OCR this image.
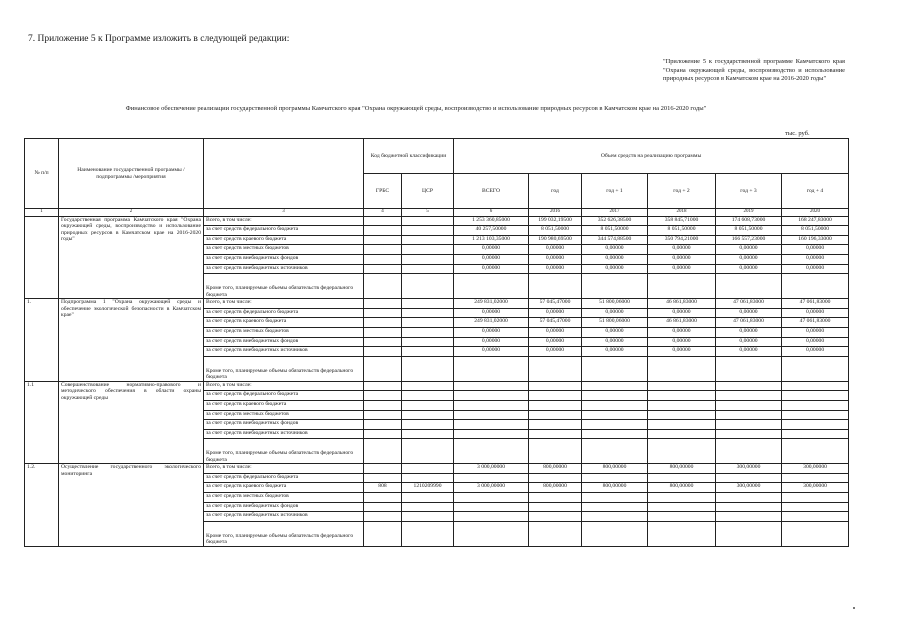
7. Приложение 5 к Программе изложить в следующей редакции:
"Приложение 5 к государственной программе Камчатского края "Охрана окружающей среды, воспроизводство и использование природных ресурсов в Камчатском крае на 2016-2020 годы"
Финансовое обеспечение реализации государственной программы Камчатского края "Охрана окружающей среды, воспроизводство и использование природных ресурсов в Камчатском крае на 2016-2020 годы"
тыс. руб.
№ п/п	Наименование государственной программы / подпрограммы /мероприятия		Код бюджетной классификации		Объем средств на реализацию программы					
			ГРБС	ЦСР	ВСЕГО	год	год + 1	год + 2	год + 3	год + 4
1	2	3	4	5	6	2016	2017	2018	2019	2020
	Государственная программа Камчатского края "Охрана окружающей среды, воспроизводство и использование природных ресурсов в Камчатском крае на 2016-2020 годы"	Всего, в том числе:			1 253 360,85000	199 032,19500	352 626,38500	358 845,71000	174 608,73000	168 247,83000
		за счет средств федерального бюджета			40 257,50000	8 051,50000	8 051,50000	8 051,50000	8 051,50000	8 051,50000
		за счет средств краевого бюджета			1 213 103,35000	190 980,69500	344 574,88500	350 794,21000	166 557,23000	160 196,33000
		за счет средств местных бюджетов			0,00000	0,00000	0,00000	0,00000	0,00000	0,00000
		за счет средств внебюджетных фондов			0,00000	0,00000	0,00000	0,00000	0,00000	0,00000
		за счет средств внебюджетных источников			0,00000	0,00000	0,00000	0,00000	0,00000	0,00000
		Кроме того, планируемые объемы обязательств федерального бюджета								
1.	Подпрограмма 1 "Охрана окружающей среды и обеспечение экологической безопасности в Камчатском крае"	Всего, в том числе:			249 831,02000	57 045,47000	51 800,06000	46 861,83000	47 061,83000	47 061,83000
		за счет средств федерального бюджета			0,00000	0,00000	0,00000	0,00000	0,00000	0,00000
		за счет средств краевого бюджета			249 831,02000	57 045,47000	51 800,06000	46 861,83000	47 061,83000	47 061,83000
		за счет средств местных бюджетов			0,00000	0,00000	0,00000	0,00000	0,00000	0,00000
		за счет средств внебюджетных фондов			0,00000	0,00000	0,00000	0,00000	0,00000	0,00000
		за счет средств внебюджетных источников			0,00000	0,00000	0,00000	0,00000	0,00000	0,00000
		Кроме того, планируемые объемы обязательств федерального бюджета								
1.1	Совершенствование нормативно-правового и методического обеспечения в области охраны окружающей среды	Всего, в том числе:								
		за счет средств федерального бюджета								
		за счет средств краевого бюджета								
		за счет средств местных бюджетов								
		за счет средств внебюджетных фондов								
		за счет средств внебюджетных источников								
		Кроме того, планируемые объемы обязательств федерального бюджета								
1.2.	Осуществление государственного экологического мониторинга	Всего, в том числе:			3 000,00000	800,00000	800,00000	800,00000	300,00000	300,00000
		за счет средств федерального бюджета								
		за счет средств краевого бюджета	808	1210209990	3 000,00000	800,00000	800,00000	800,00000	300,00000	300,00000
		за счет средств местных бюджетов								
		за счет средств внебюджетных фондов								
		за счет средств внебюджетных источников								
		Кроме того, планируемые объемы обязательств федерального бюджета								
